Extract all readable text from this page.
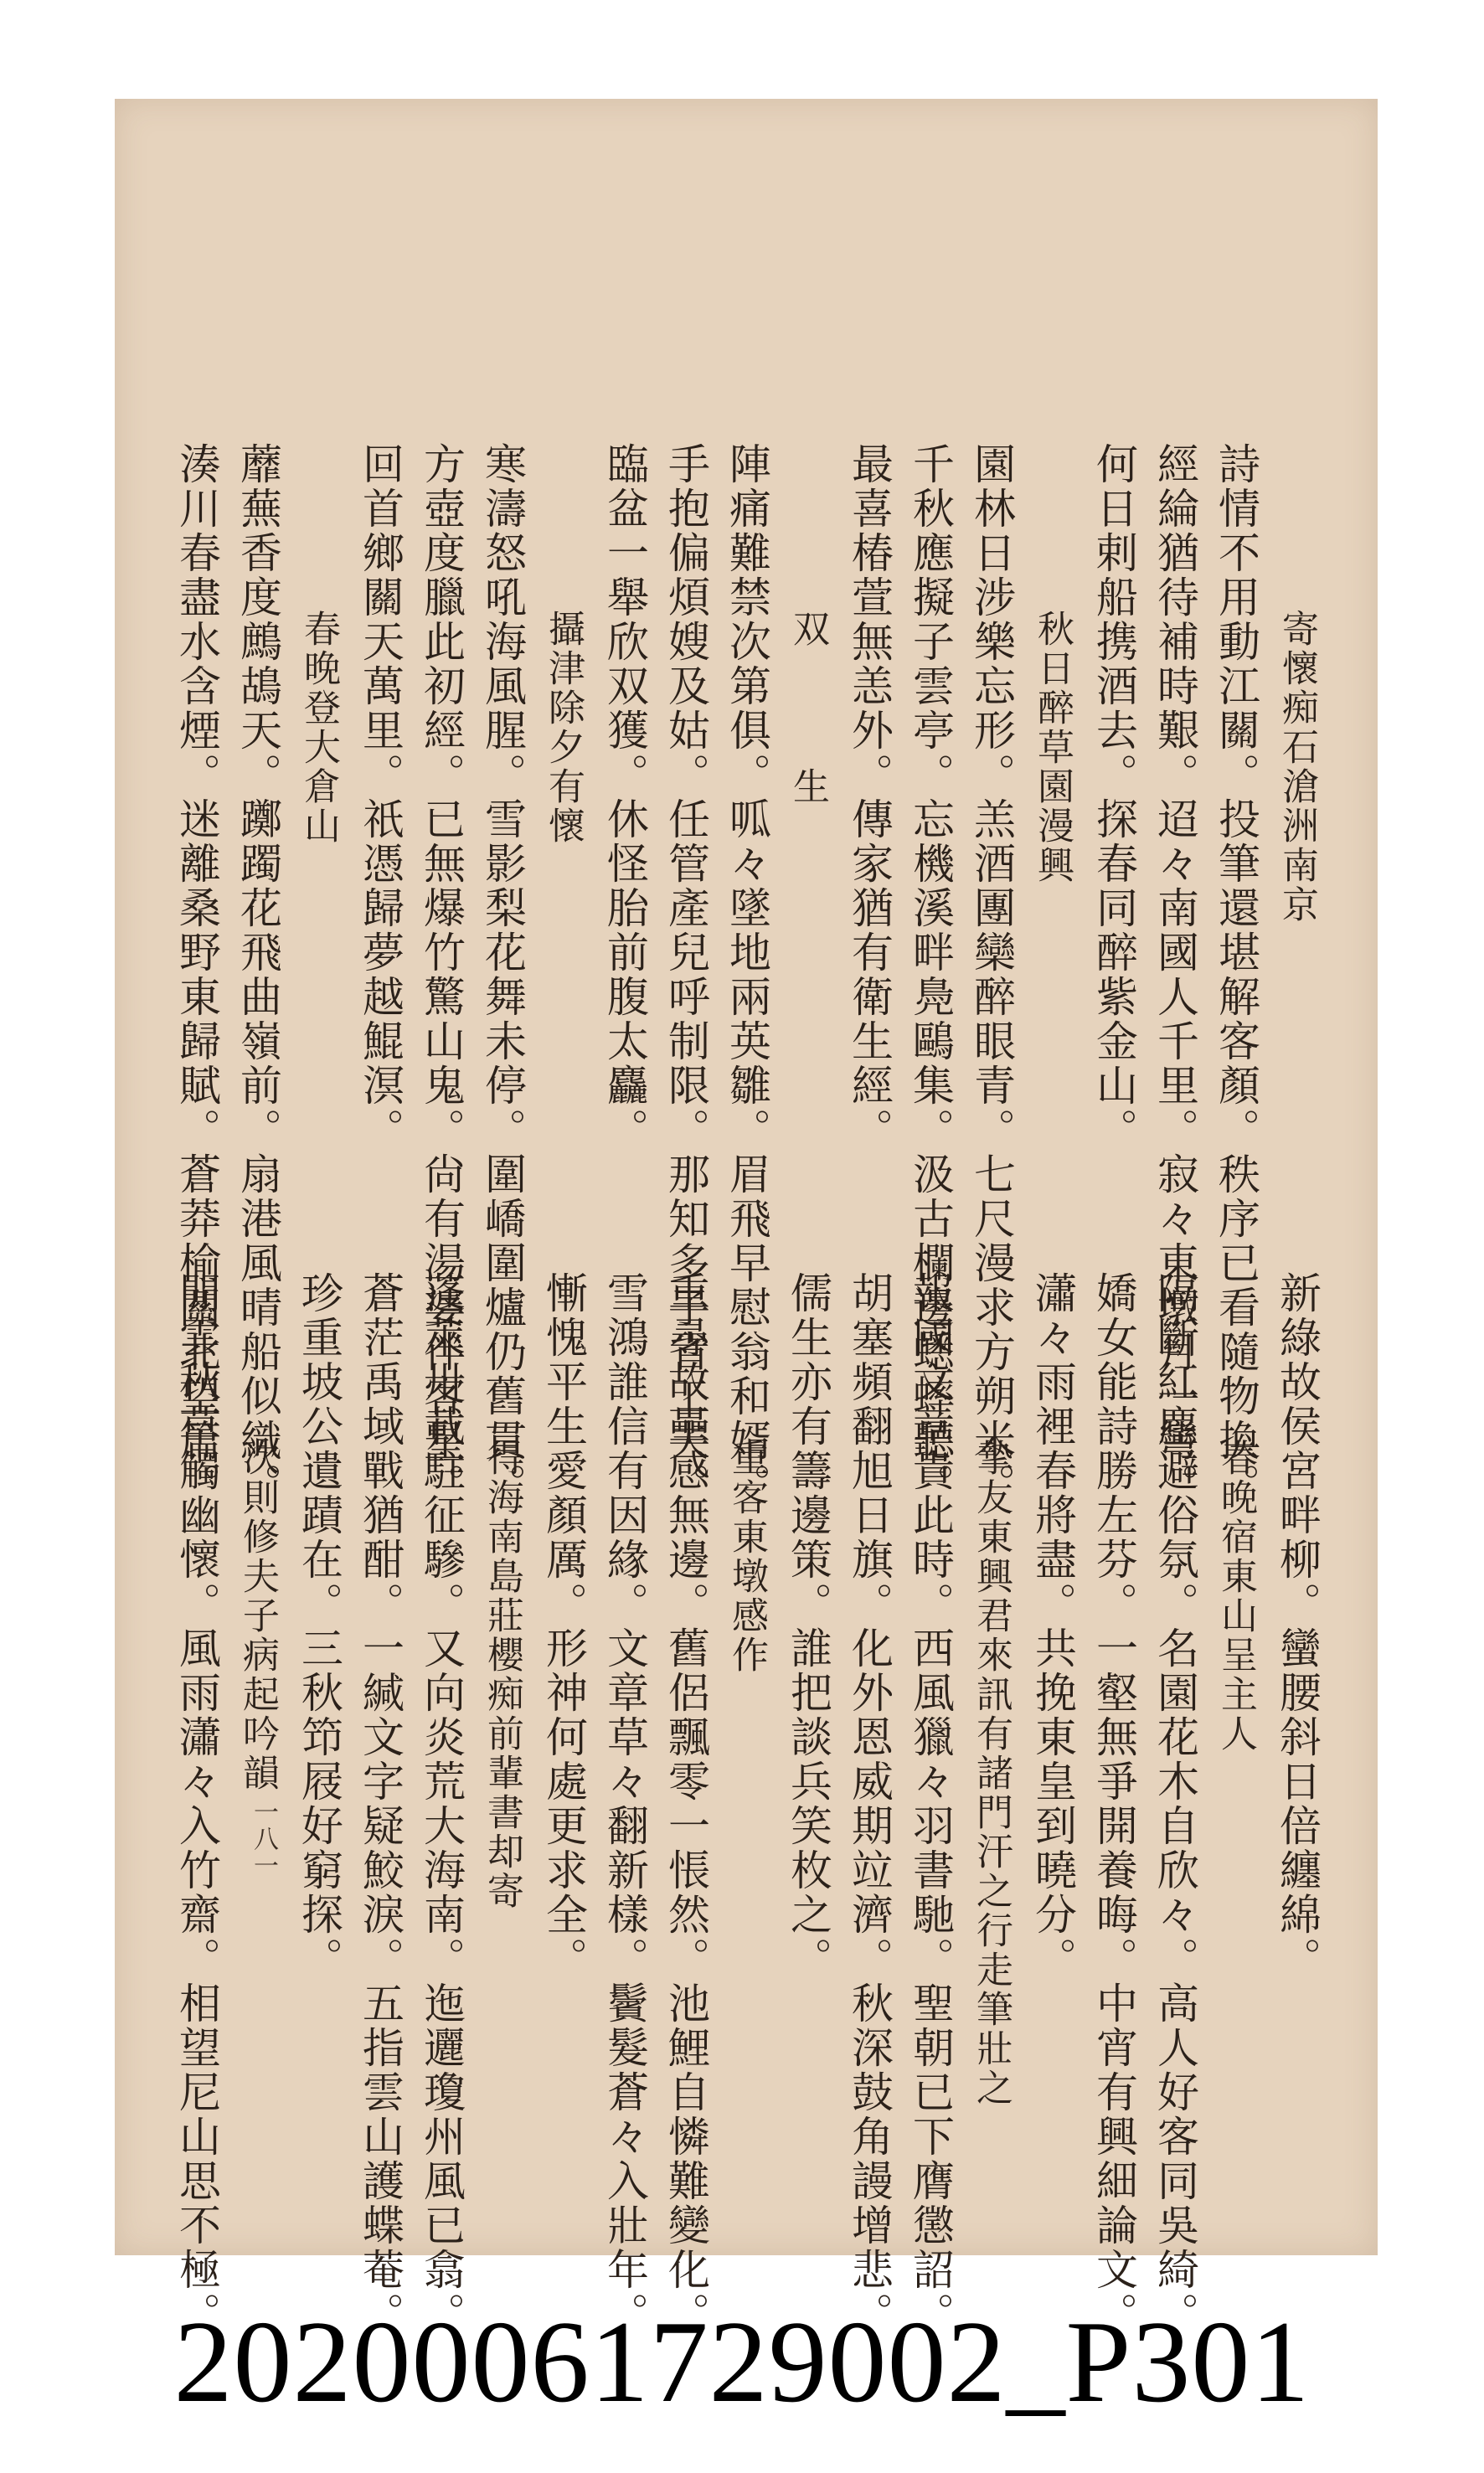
寄懷痴石滄洲南京
詩情不用動江關。投筆還堪解客顏。秩序已看隨物換。
經綸猶待補時艱。迢々南國人千里。寂々東墩月一彎。
何日剌船携酒去。探春同醉紫金山。
秋日醉草園漫興
園林日涉樂忘形。羔酒團欒醉眼青。七尺漫求方朔米。
千秋應擬子雲亭。忘機溪畔鳧鷗集。汲古欄邊蟋蟀聽。
最喜椿萱無恙外。傳家猶有衛生經。
双　　　生
陣痛難禁次第俱。呱々墜地兩英雛。眉飛早慰翁和婿。
手抱偏煩嫂及姑。任管產兒呼制限。那知多子省工夫。
臨盆一舉欣双獲。休怪胎前腹太麤。
攝津除夕有懷
寒濤怒吼海風腥。雪影梨花舞未停。圍嶠圍爐仍舊貫。
方壺度臘此初經。已無爆竹驚山鬼。尙有湯婆伴客星。
回首鄉關天萬里。祇憑歸夢越鯤溟。
春晚登大倉山
蘼蕪香度鷓鴣天。躑躅花飛曲嶺前。扇港風晴船似織。
湊川春盡水含煙。迷離桑野東歸賦。蒼莽榆關北望篇。
新綠故侯宮畔柳。蠻腰斜日倍纏綿。
春晚宿東山呈主人
隔斷紅塵避俗氛。名園花木自欣々。高人好客同吳綺。
嬌女能詩勝左芬。一壑無爭開養晦。中宵有興細論文。
瀟々雨裡春將盡。共挽東皇到曉分。
摯友東興君來訊有諸門汗之行走筆壯之
報國文章貴此時。西風獵々羽書馳。聖朝已下膺懲詔。
胡塞頻翻旭日旗。化外恩威期竝濟。秋深鼓角謾增悲。
儒生亦有籌邊策。誰把談兵笑枚之。
重客東墩感作
重尋故壘感無邊。舊侶飄零一悵然。池鯉自憐難變化。
雪鴻誰信有因緣。文章草々翻新樣。鬢髮蒼々入壯年。
慚愧平生愛顏厲。形神何處更求全。
得海南島莊櫻痴前輩書却寄
蓬萊卅載駐征驂。又向炎荒大海南。迤邐瓊州風已翕。
蒼茫禹域戰猶酣。一緘文字疑鮫淚。五指雲山護蝶菴。
珍重坡公遺蹟在。三秋笻屐好窮探。
次則修夫子病起吟韻
閒雲秋草觸幽懷。風雨瀟々入竹齋。相望尼山思不極。 一八一
20200061729002_P301
